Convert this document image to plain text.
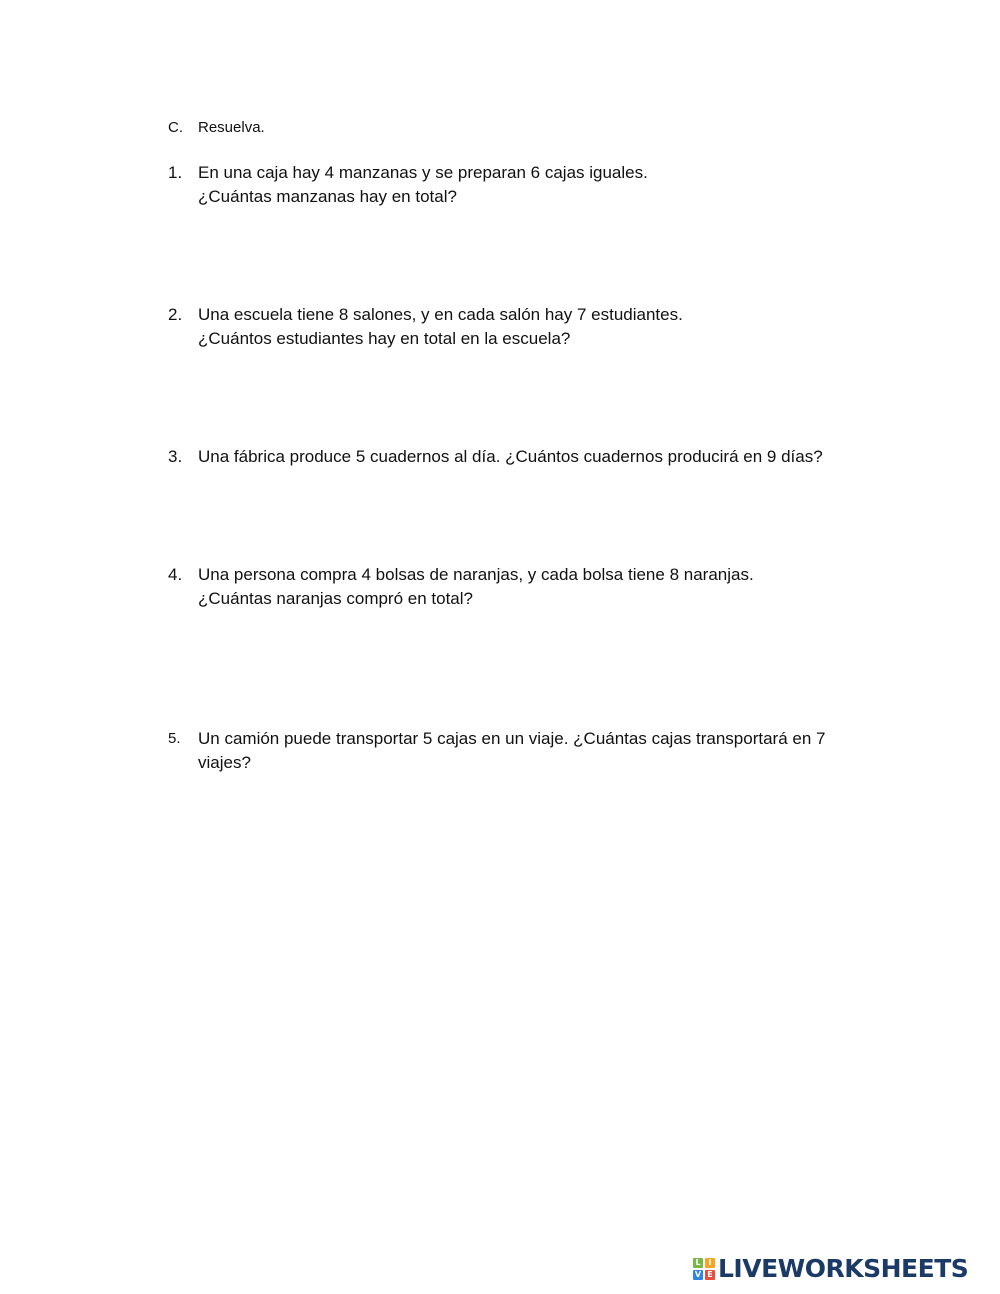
C. Resuelva.
1. En una caja hay 4 manzanas y se preparan 6 cajas iguales.
¿Cuántas manzanas hay en total?
2. Una escuela tiene 8 salones, y en cada salón hay 7 estudiantes.
¿Cuántos estudiantes hay en total en la escuela?
3. Una fábrica produce 5 cuadernos al día. ¿Cuántos cuadernos producirá en 9 días?
4. Una persona compra 4 bolsas de naranjas, y cada bolsa tiene 8 naranjas.
¿Cuántas naranjas compró en total?
5. Un camión puede transportar 5 cajas en un viaje. ¿Cuántas cajas transportará en 7
viajes?
L I
V E LIVEWORKSHEETS
